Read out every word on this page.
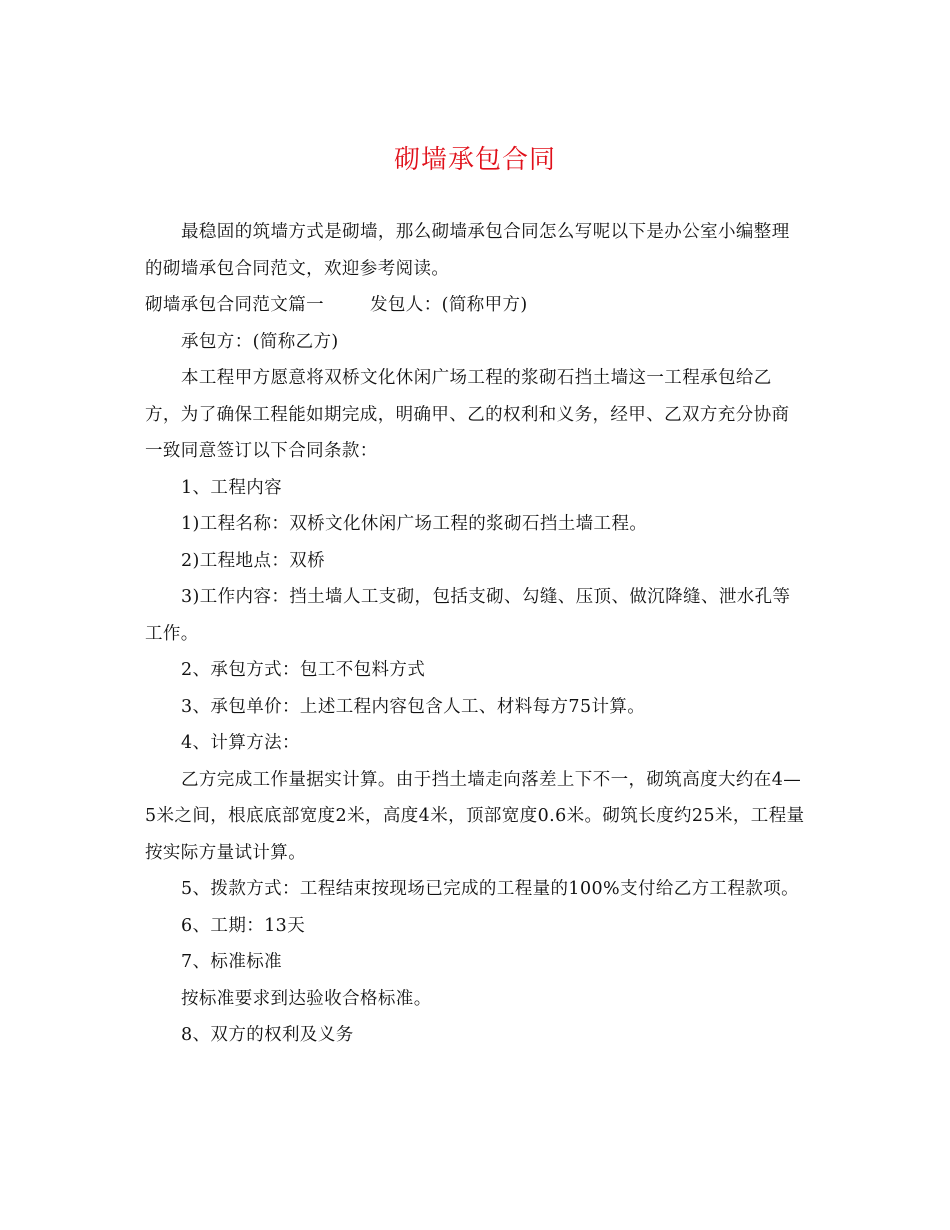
砌墙承包合同

最稳固的筑墙方式是砌墙，那么砌墙承包合同怎么写呢以下是办公室小编整理的砌墙承包合同范文，欢迎参考阅读。

砌墙承包合同范文篇一	发包人：(简称甲方)

承包方：(简称乙方)

本工程甲方愿意将双桥文化休闲广场工程的浆砌石挡土墙这一工程承包给乙方，为了确保工程能如期完成，明确甲、乙的权利和义务，经甲、乙双方充分协商一致同意签订以下合同条款：

1、工程内容

1)工程名称：双桥文化休闲广场工程的浆砌石挡土墙工程。

2)工程地点：双桥

3)工作内容：挡土墙人工支砌，包括支砌、勾缝、压顶、做沉降缝、泄水孔等工作。

2、承包方式：包工不包料方式

3、承包单价：上述工程内容包含人工、材料每方75计算。

4、计算方法：

乙方完成工作量据实计算。由于挡土墙走向落差上下不一，砌筑高度大约在4—5米之间，根底底部宽度2米，高度4米，顶部宽度0.6米。砌筑长度约25米，工程量按实际方量试计算。

5、拨款方式：工程结束按现场已完成的工程量的100%支付给乙方工程款项。

6、工期：13天

7、标准标准

按标准要求到达验收合格标准。

8、双方的权利及义务
